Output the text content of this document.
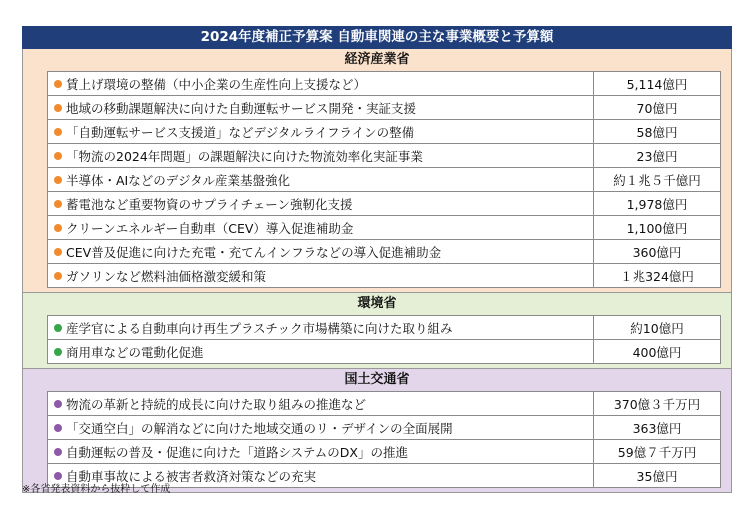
2024年度補正予算案 自動車関連の主な事業概要と予算額
経済産業省
賃上げ環境の整備（中小企業の生産性向上支援など）	5,114億円
地域の移動課題解決に向けた自動運転サービス開発・実証支援	70億円
「自動運転サービス支援道」などデジタルライフラインの整備	58億円
「物流の2024年問題」の課題解決に向けた物流効率化実証事業	23億円
半導体・AIなどのデジタル産業基盤強化	約１兆５千億円
蓄電池など重要物資のサプライチェーン強靭化支援	1,978億円
クリーンエネルギー自動車（CEV）導入促進補助金	1,100億円
CEV普及促進に向けた充電・充てんインフラなどの導入促進補助金	360億円
ガソリンなど燃料油価格激変緩和策	１兆324億円
環境省
産学官による自動車向け再生プラスチック市場構築に向けた取り組み	約10億円
商用車などの電動化促進	400億円
国土交通省
物流の革新と持続的成長に向けた取り組みの推進など	370億３千万円
「交通空白」の解消などに向けた地域交通のリ・デザインの全面展開	363億円
自動運転の普及・促進に向けた「道路システムのDX」の推進	59億７千万円
自動車事故による被害者救済対策などの充実	35億円
※各省発表資料から抜粋して作成
